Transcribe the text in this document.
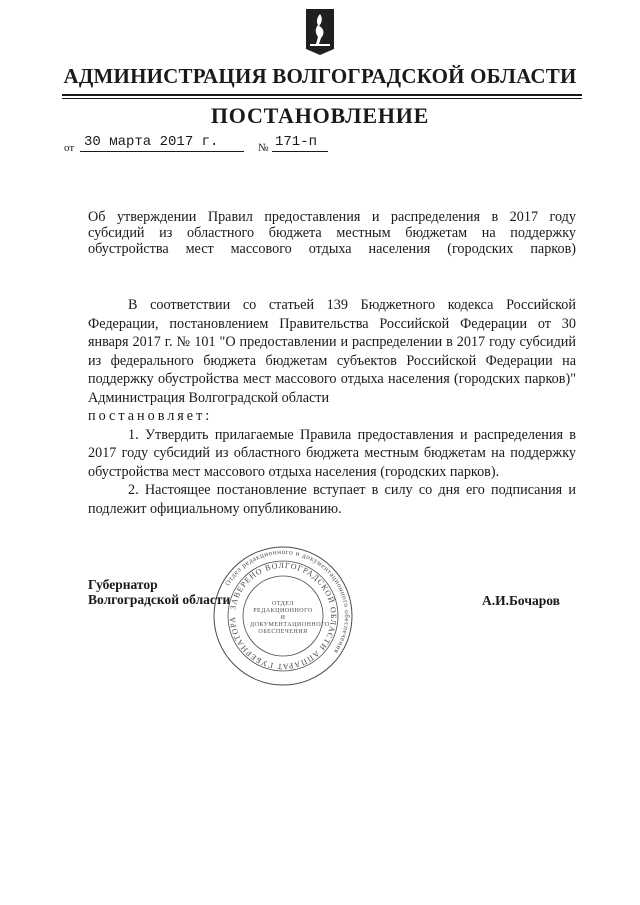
АДМИНИСТРАЦИЯ ВОЛГОГРАДСКОЙ ОБЛАСТИ
ПОСТАНОВЛЕНИЕ
от 30 марта 2017 г.	№ 171-п
Об утверждении Правил предоставления и распределения в 2017 году
субсидий из областного бюджета местным бюджетам на поддержку
обустройства мест массового отдыха населения (городских парков)

В соответствии со статьей 139 Бюджетного кодекса Российской Федерации, постановлением Правительства Российской Федерации от 30 января 2017 г. № 101 "О предоставлении и распределении в 2017 году субсидий из федерального бюджета бюджетам субъектов Российской Федерации на поддержку обустройства мест массового отдыха населения (городских парков)" Администрация Волгоградской области

постановляет:

1. Утвердить прилагаемые Правила предоставления и распределения в 2017 году субсидий из областного бюджета местным бюджетам на поддержку обустройства мест массового отдыха населения (городских парков).

2. Настоящее постановление вступает в силу со дня его подписания и подлежит официальному опубликованию.

Отдел редакционного и документационного обеспечения
ЗАВЕРЕНО ВОЛГОГРАДСКОЙ ОБЛАСТИ АППАРАТ ГУБЕРНАТОРА
ОТДЕЛ РЕДАКЦИОННОГО И ДОКУМЕНТАЦИОННОГО ОБЕСПЕЧЕНИЯ
Губернатор
Волгоградской области	А.И.Бочаров
